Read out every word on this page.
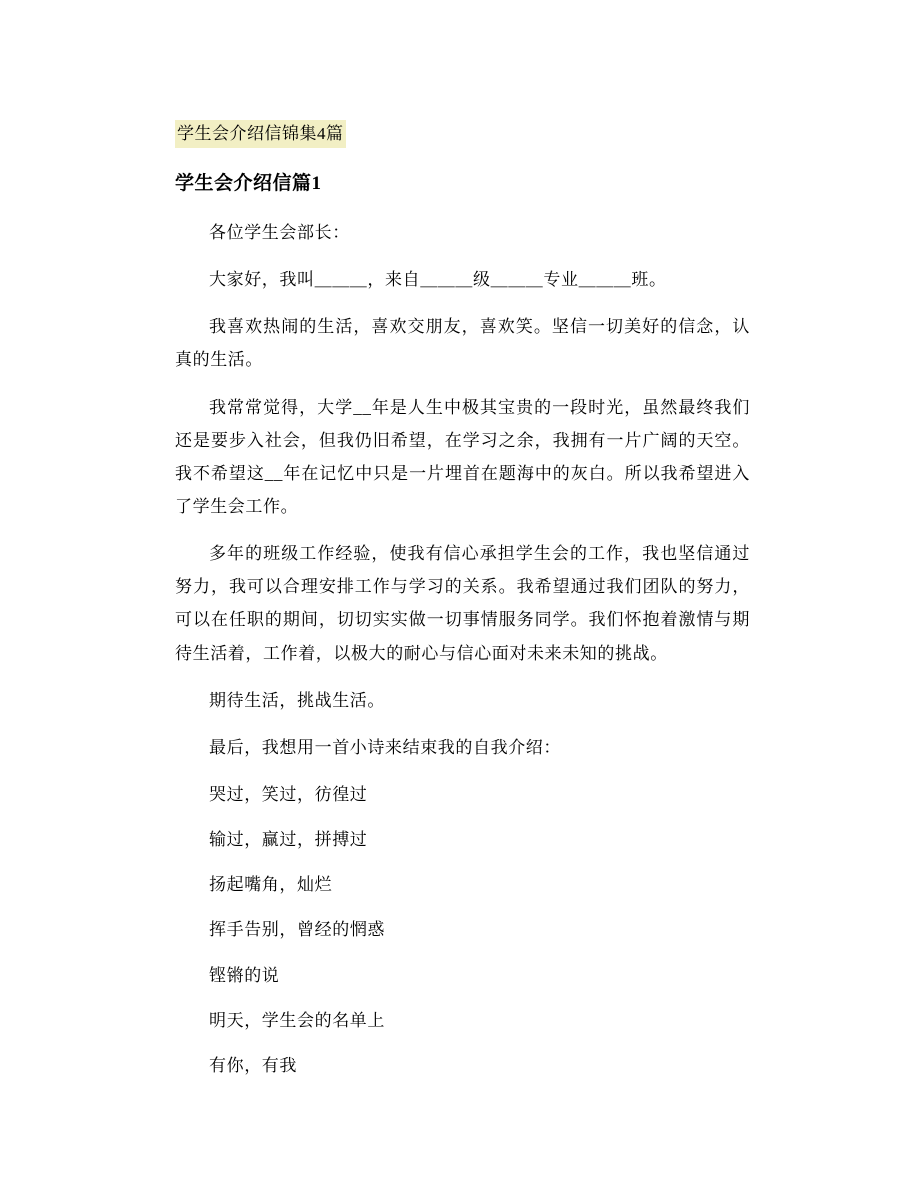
学生会介绍信锦集4篇
学生会介绍信篇1

各位学生会部长：

大家好，我叫＿＿＿，来自＿＿＿级＿＿＿专业＿＿＿班。

我喜欢热闹的生活，喜欢交朋友，喜欢笑。坚信一切美好的信念，认真的生活。

我常常觉得，大学__年是人生中极其宝贵的一段时光，虽然最终我们还是要步入社会，但我仍旧希望，在学习之余，我拥有一片广阔的天空。我不希望这__年在记忆中只是一片埋首在题海中的灰白。所以我希望进入了学生会工作。

多年的班级工作经验，使我有信心承担学生会的工作，我也坚信通过努力，我可以合理安排工作与学习的关系。我希望通过我们团队的努力，可以在任职的期间，切切实实做一切事情服务同学。我们怀抱着激情与期待生活着，工作着，以极大的耐心与信心面对未来未知的挑战。

期待生活，挑战生活。

最后，我想用一首小诗来结束我的自我介绍：

哭过，笑过，彷徨过

输过，赢过，拼搏过

扬起嘴角，灿烂

挥手告别，曾经的惘惑

铿锵的说

明天，学生会的名单上

有你，有我
